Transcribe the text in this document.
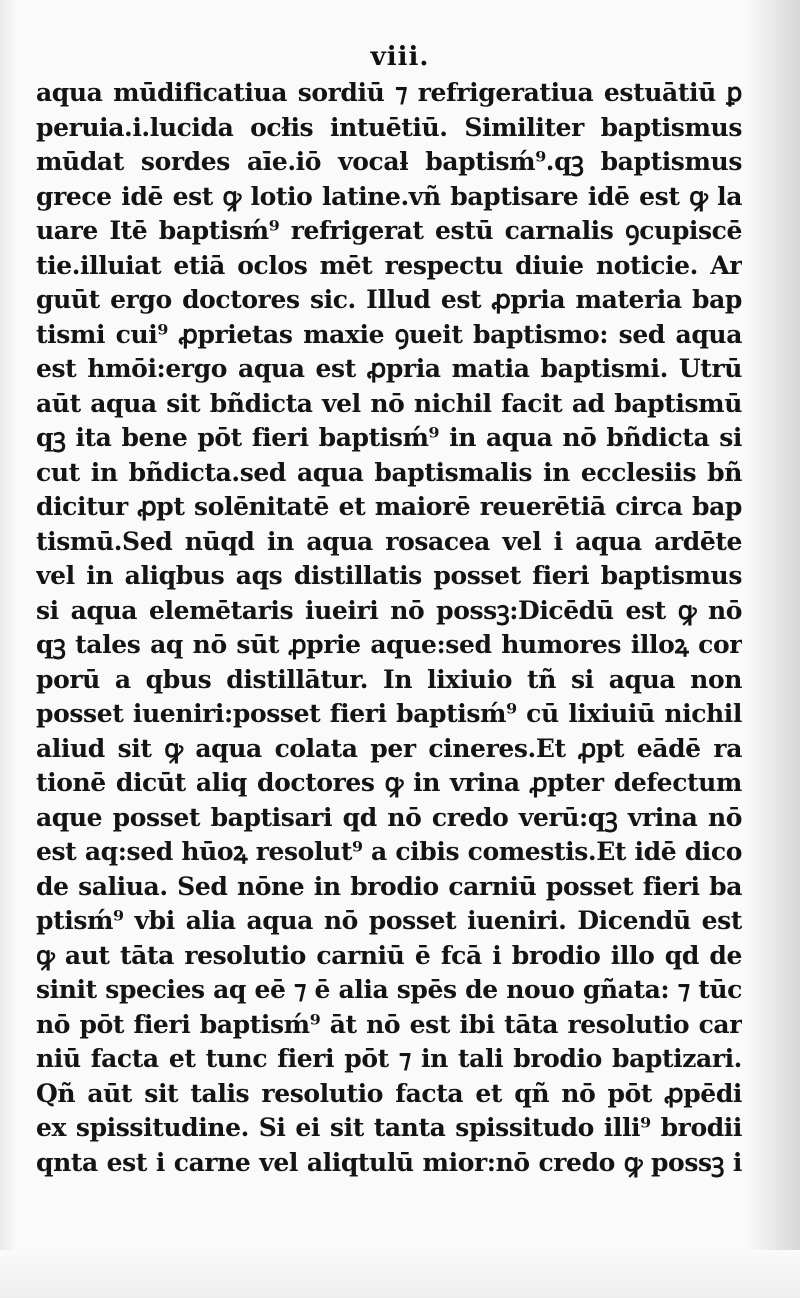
viii.
aqua mūdificatiua sordiū ⁊ refrigeratiua estuātiū ꝑ
peruia.i.lucida ocłis intuētiū. Similiter baptismus
mūdat sordes aīe.iō vocaƚ baptisḿ⁹.qꝫ baptismus
grece idē est ꝙ lotio latine.vñ baptisare idē est ꝙ la
uare Itē baptisḿ⁹ refrigerat estū carnalis ꝯcupiscē
tie.illuiat etiā oclos mēt respectu diuie noticie. Ar
guūt ergo doctores sic. Illud est ꝓpria materia bap
tismi cui⁹ ꝓprietas maxie ꝯueit baptismo: sed aqua
est hmōi:ergo aqua est ꝓpria matia baptismi. Utrū
aūt aqua sit bñdicta vel nō nichil facit ad baptismū
qꝫ ita bene pōt fieri baptisḿ⁹ in aqua nō bñdicta si
cut in bñdicta.sed aqua baptismalis in ecclesiis bñ
dicitur ꝓpt solēnitatē et maiorē reuerētiā circa bap
tismū.Sed nūqd in aqua rosacea vel i aqua ardēte
vel in aliqbus aqs distillatis posset fieri baptismus
si aqua elemētaris iueiri nō possꝫ:Dicēdū est ꝙ nō
qꝫ tales aq nō sūt ꝓprie aque:sed humores illoꝝ cor
porū a qbus distillātur. In lixiuio tñ si aqua non
posset iueniri:posset fieri baptisḿ⁹ cū lixiuiū nichil
aliud sit ꝙ aqua colata per cineres.Et ꝓpt eādē ra
tionē dicūt aliq doctores ꝙ in vrina ꝓpter defectum
aque posset baptisari qd nō credo verū:qꝫ vrina nō
est aq:sed hūoꝝ resolut⁹ a cibis comestis.Et idē dico
de saliua. Sed nōne in brodio carniū posset fieri ba
ptisḿ⁹ vbi alia aqua nō posset iueniri. Dicendū est
ꝙ aut tāta resolutio carniū ē fcā i brodio illo qd de
sinit species aq eē ⁊ ē alia spēs de nouo gñata: ⁊ tūc
nō pōt fieri baptisḿ⁹ āt nō est ibi tāta resolutio car
niū facta et tunc fieri pōt ⁊ in tali brodio baptizari.
Qñ aūt sit talis resolutio facta et qñ nō pōt ꝓpēdi
ex spissitudine. Si ei sit tanta spissitudo illi⁹ brodii
qnta est i carne vel aliqtulū mior:nō credo ꝙ possꝫ i
